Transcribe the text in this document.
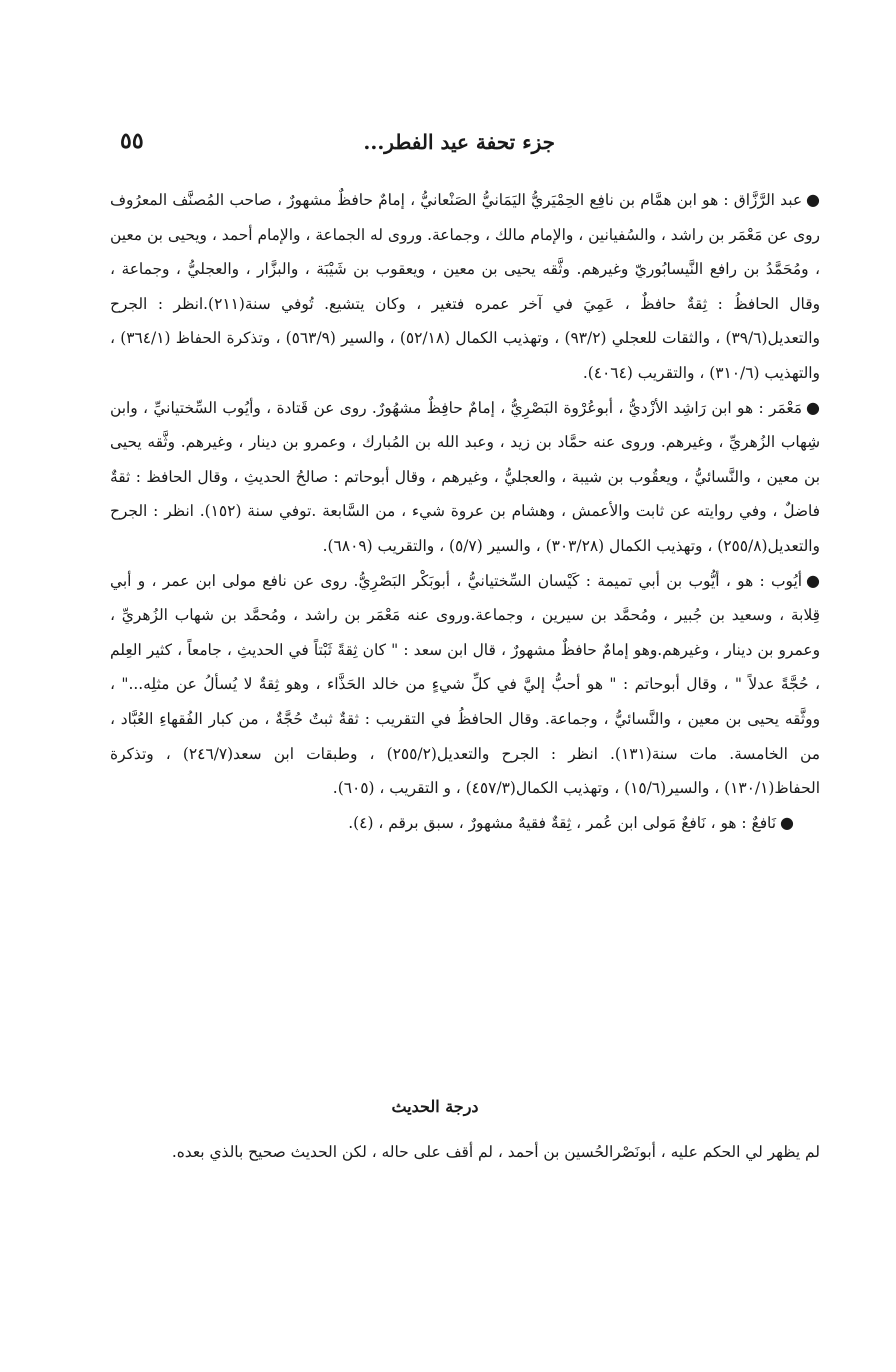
جزء تحفة عيد الفطر...
٥٥

●عبد الرَّزَّاق : هو ابن همَّام بن نافِع الحِمْيَريُّ اليَمَانيُّ الصَنْعانيُّ ، إمامٌ حافظٌ مشهورٌ ، صاحب المُصنَّف المعرُوف روى عن مَعْمَر بن راشد ، والسُفيانين ، والإمام مالك ، وجماعة. وروى له الجماعة ، والإمام أحمد ، ويحيى بن معين ، ومُحَمَّدُ بن رافع النَّيسابُوريّ وغيرهم. وثَّقه يحيى بن معين ، ويعقوب بن شَيْبَة ، والبزَّار ، والعجليُّ ، وجماعة ، وقال الحافظُ : ثِقةٌ حافظٌ ، عَمِيَ في آخر عمره فتغير ، وكان يتشيع. تُوفي سنة(٢١١).انظر : الجرح والتعديل(٣٩/٦) ، والثقات للعجلي (٩٣/٢) ، وتهذيب الكمال (٥٢/١٨) ، والسير (٥٦٣/٩) ، وتذكرة الحفاظ (٣٦٤/١) ، والتهذيب (٣١٠/٦) ، والتقريب (٤٠٦٤).

●مَعْمَر : هو ابن رَاشِد الأزْديُّ ، أبوعُرْوة البَصْرِيُّ ، إمامٌ حافِظٌ مشهُورٌ. روى عن قَتادة ، وأيُوب السِّختيانيِّ ، وابن شِهاب الزُهريِّ ، وغيرهم. وروى عنه حمَّاد بن زيد ، وعبد الله بن المُبارك ، وعمرو بن دينار ، وغيرهم. وثَّقه يحيى بن معين ، والنَّسائيُّ ، ويعقُوب بن شيبة ، والعجليُّ ، وغيرهم ، وقال أبوحاتم : صالحُ الحديثِ ، وقال الحافظ : ثقةٌ فاضلٌ ، وفي روايته عن ثابت والأعمش ، وهشام بن عروة شيء ، من السَّابعة .توفي سنة (١٥٢). انظر : الجرح والتعديل(٢٥٥/٨) ، وتهذيب الكمال (٣٠٣/٢٨) ، والسير (٥/٧) ، والتقريب (٦٨٠٩).

●أيُوب : هو ، أيُّوب بن أبي تميمة : كَيْسان السِّختيانيُّ ، أبوبَكْر البَصْرِيُّ. روى عن نافع مولى ابن عمر ، و أبي قِلابة ، وسعيد بن جُبير ، ومُحمَّد بن سيرين ، وجماعة.وروى عنه مَعْمَر بن راشد ، ومُحمَّد بن شهاب الزُهريِّ ، وعمرو بن دينار ، وغيرهم.وهو إمامٌ حافظٌ مشهورٌ ، قال ابن سعد : " كان ثِقةً ثَبْتاً في الحديثِ ، جامعاً ، كثير العِلم ، حُجَّةً عدلاً " ، وقال أبوحاتم : " هو أحبُّ إليَّ في كلِّ شيءٍ من خالد الحَذَّاء ، وهو ثِقةٌ لا يُسألُ عن مثلِه..." ، ووثَّقه يحيى بن معين ، والنَّسائيُّ ، وجماعة. وقال الحافظُ في التقريب : ثقةٌ ثبتٌ حُجَّةٌ ، من كبار الفُقهاءِ العُبَّاد ، من الخامسة. مات سنة(١٣١). انظر : الجرح والتعديل(٢٥٥/٢) ، وطبقات ابن سعد(٢٤٦/٧) ، وتذكرة الحفاظ(١٣٠/١) ، والسير(١٥/٦) ، وتهذيب الكمال(٤٥٧/٣) ، و التقريب ، (٦٠٥).

●نَافعٌ : هو ، نَافعٌ مَولى ابن عُمر ، ثِقةٌ فقيهٌ مشهورٌ ، سبق برقم ، (٤).

درجة الحديث

لم يظهر لي الحكم عليه ، أبونَصْرالحُسين بن أحمد ، لم أقف على حاله ، لكن الحديث صحيح بالذي بعده.
